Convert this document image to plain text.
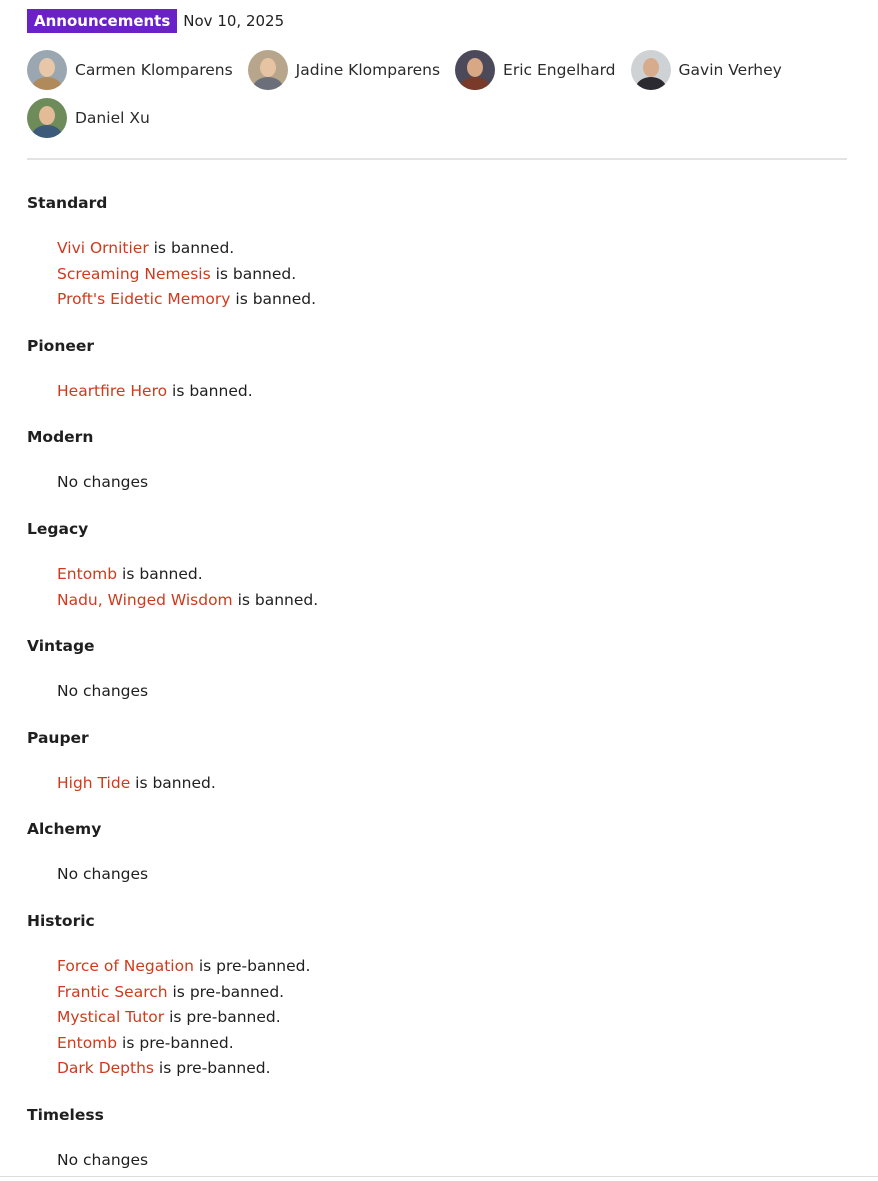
Announcements Nov 10, 2025
Carmen Klomparens	Jadine Klomparens	Eric Engelhard	Gavin Verhey
Daniel Xu
Standard
Vivi Ornitier is banned.
Screaming Nemesis is banned.
Proft's Eidetic Memory is banned.
Pioneer
Heartfire Hero is banned.
Modern
No changes
Legacy
Entomb is banned.
Nadu, Winged Wisdom is banned.
Vintage
No changes
Pauper
High Tide is banned.
Alchemy
No changes
Historic
Force of Negation is pre-banned.
Frantic Search is pre-banned.
Mystical Tutor is pre-banned.
Entomb is pre-banned.
Dark Depths is pre-banned.
Timeless
No changes
